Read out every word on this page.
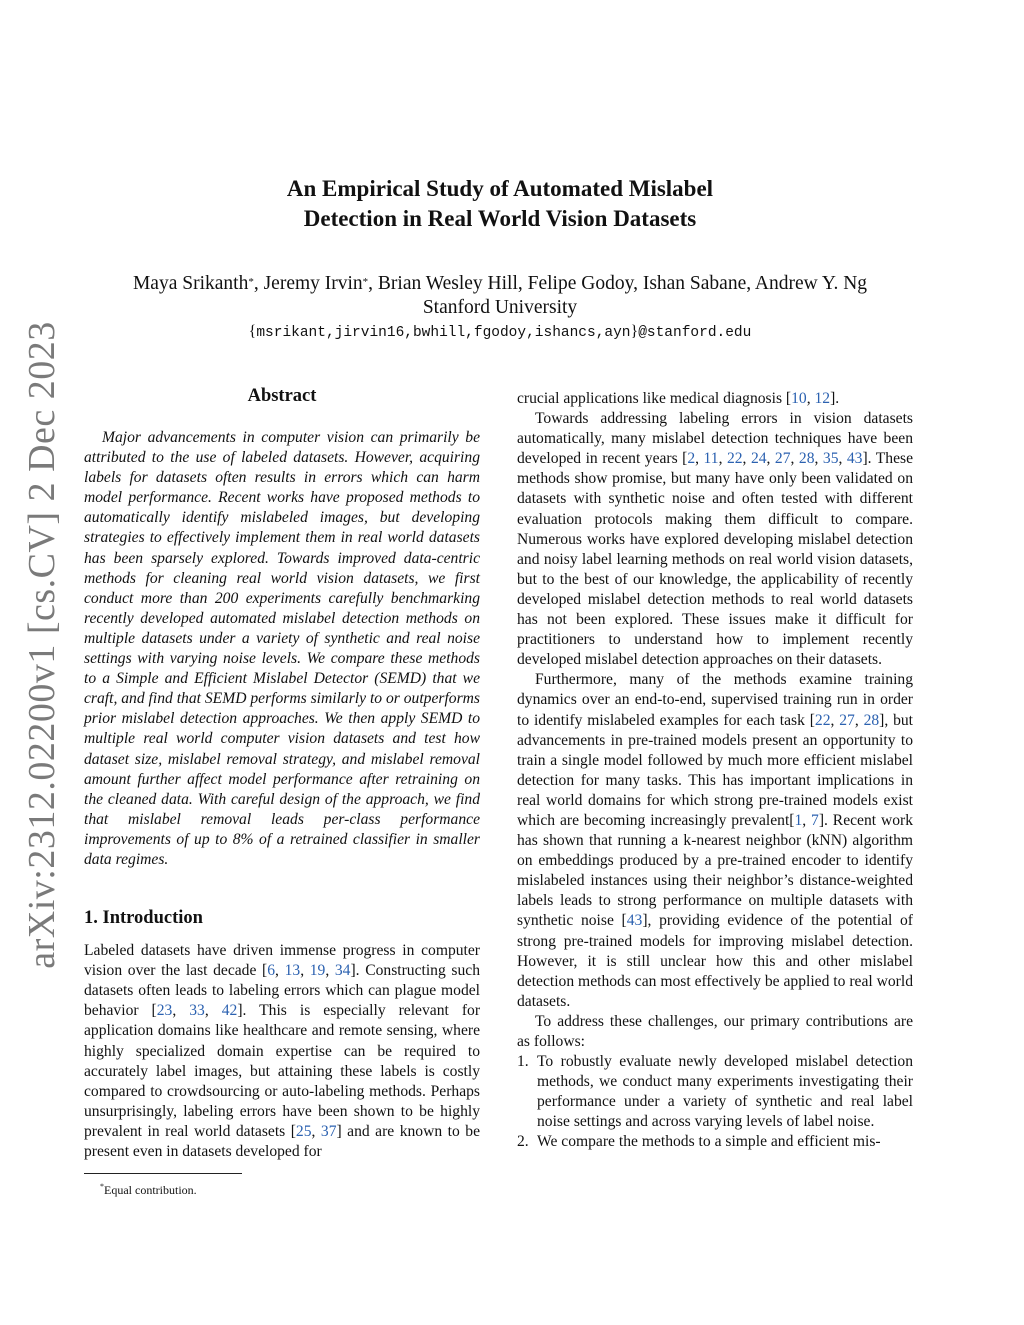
arXiv:2312.02200v1 [cs.CV] 2 Dec 2023
An Empirical Study of Automated Mislabel
Detection in Real World Vision Datasets
Maya Srikanth*, Jeremy Irvin*, Brian Wesley Hill, Felipe Godoy, Ishan Sabane, Andrew Y. Ng
Stanford University
{msrikant,jirvin16,bwhill,fgodoy,ishancs,ayn}@stanford.edu
Abstract

Major advancements in computer vision can primarily be attributed to the use of labeled datasets. However, acquiring labels for datasets often results in errors which can harm model performance. Recent works have proposed methods to automatically identify mislabeled images, but developing strategies to effectively implement them in real world datasets has been sparsely explored. Towards improved data-centric methods for cleaning real world vision datasets, we first conduct more than 200 experiments carefully benchmarking recently developed automated mislabel detection methods on multiple datasets under a variety of synthetic and real noise settings with varying noise levels. We compare these methods to a Simple and Efficient Mislabel Detector (SEMD) that we craft, and find that SEMD performs similarly to or outperforms prior mislabel detection approaches. We then apply SEMD to multiple real world computer vision datasets and test how dataset size, mislabel removal strategy, and mislabel removal amount further affect model performance after retraining on the cleaned data. With careful design of the approach, we find that mislabel removal leads per-class performance improvements of up to 8% of a retrained classifier in smaller data regimes.

1. Introduction

Labeled datasets have driven immense progress in computer vision over the last decade [6, 13, 19, 34]. Constructing such datasets often leads to labeling errors which can plague model behavior [23, 33, 42]. This is especially relevant for application domains like healthcare and remote sensing, where highly specialized domain expertise can be required to accurately label images, but attaining these labels is costly compared to crowdsourcing or auto-labeling methods. Perhaps unsurprisingly, labeling errors have been shown to be highly prevalent in real world datasets [25, 37] and are known to be present even in datasets developed for

*Equal contribution.

crucial applications like medical diagnosis [10, 12].

Towards addressing labeling errors in vision datasets automatically, many mislabel detection techniques have been developed in recent years [2, 11, 22, 24, 27, 28, 35, 43]. These methods show promise, but many have only been validated on datasets with synthetic noise and often tested with different evaluation protocols making them difficult to compare. Numerous works have explored developing mislabel detection and noisy label learning methods on real world vision datasets, but to the best of our knowledge, the applicability of recently developed mislabel detection methods to real world datasets has not been explored. These issues make it difficult for practitioners to understand how to implement recently developed mislabel detection approaches on their datasets.

Furthermore, many of the methods examine training dynamics over an end-to-end, supervised training run in order to identify mislabeled examples for each task [22, 27, 28], but advancements in pre-trained models present an opportunity to train a single model followed by much more efficient mislabel detection for many tasks. This has important implications in real world domains for which strong pre-trained models exist which are becoming increasingly prevalent[1, 7]. Recent work has shown that running a k-nearest neighbor (kNN) algorithm on embeddings produced by a pre-trained encoder to identify mislabeled instances using their neighbor’s distance-weighted labels leads to strong performance on multiple datasets with synthetic noise [43], providing evidence of the potential of strong pre-trained models for improving mislabel detection. However, it is still unclear how this and other mislabel detection methods can most effectively be applied to real world datasets.

To address these challenges, our primary contributions are as follows:

1. To robustly evaluate newly developed mislabel detection methods, we conduct many experiments investigating their performance under a variety of synthetic and real label noise settings and across varying levels of label noise.
2. We compare the methods to a simple and efficient mis-
